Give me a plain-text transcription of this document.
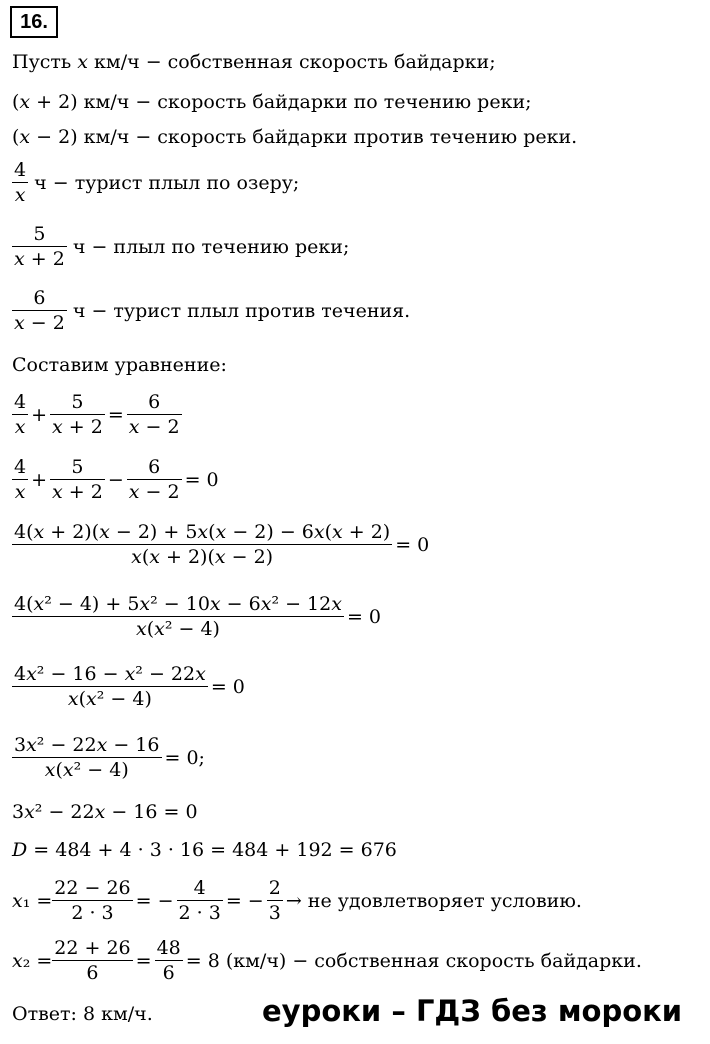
16.
Пусть 𝑥 км/ч − собственная скорость байдарки;
(𝑥 + 2) км/ч − скорость байдарки по течению реки;
(𝑥 − 2) км/ч − скорость байдарки против течению реки.
$\frac{4}{\text{𝑥}}$ ч − турист плыл по озеру;
$\frac{5}{\text{𝑥 + 2}}$ ч − плыл по течению реки;
$\frac{6}{\text{𝑥 − 2}}$ ч − турист плыл против течения.
Составим уравнение:
$\frac{4}{\text{𝑥}} + \frac{5}{\text{𝑥 + 2}} = \frac{6}{\text{𝑥 − 2}}$
$\frac{4}{\text{𝑥}} + \frac{5}{\text{𝑥 + 2}} - \frac{6}{\text{𝑥 − 2}} = 0$
$\frac{\text{4(𝑥 + 2)(𝑥 − 2) + 5𝑥(𝑥 − 2) − 6𝑥(𝑥 + 2)}}{\text{𝑥(𝑥 + 2)(𝑥 − 2)}} = 0$
$\frac{\text{4(𝑥² − 4) + 5𝑥² − 10𝑥 − 6𝑥² − 12𝑥}}{\text{𝑥(𝑥² − 4)}} = 0$
$\frac{\text{4𝑥² − 16 − 𝑥² − 22𝑥}}{\text{𝑥(𝑥² − 4)}} = 0$
$\frac{\text{3𝑥² − 22𝑥 − 16}}{\text{𝑥(𝑥² − 4)}} = 0$;
3𝑥² − 22𝑥 − 16 = 0
𝐷 = 484 + 4 · 3 · 16 = 484 + 192 = 676
𝑥₁ = $\frac{22 - 26}{2 \cdot 3}$ = − $\frac{4}{2 \cdot 3}$ = − $\frac{2}{3}$ → не удовлетворяет условию.
𝑥₂ = $\frac{22 + 26}{6} = \frac{48}{6} = 8$ (км/ч) − собственная скорость байдарки.
Ответ: 8 км/ч.	еуроки – ГДЗ без мороки
